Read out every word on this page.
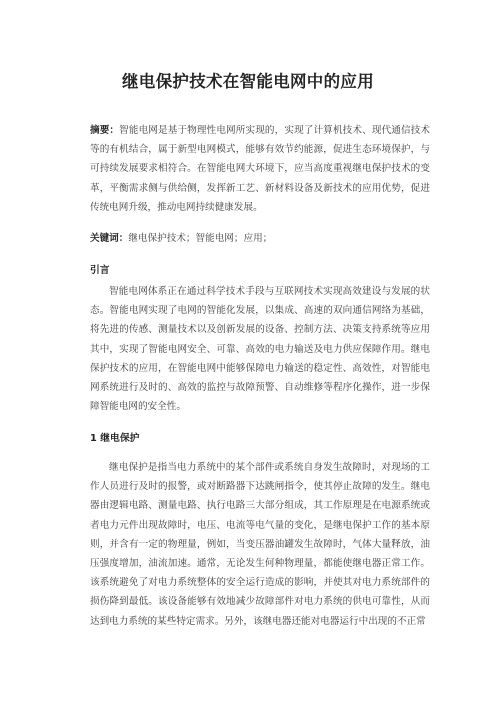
继电保护技术在智能电网中的应用
摘要：智能电网是基于物理性电网所实现的，实现了计算机技术、现代通信技术等的有机结合，属于新型电网模式，能够有效节约能源，促进生态环境保护，与可持续发展要求相符合。在智能电网大环境下，应当高度重视继电保护技术的变革，平衡需求侧与供给侧，发挥新工艺、新材料设备及新技术的应用优势，促进传统电网升级，推动电网持续健康发展。
关键词：继电保护技术；智能电网；应用；
引言
智能电网体系正在通过科学技术手段与互联网技术实现高效建设与发展的状态。智能电网实现了电网的智能化发展，以集成、高速的双向通信网络为基础，将先进的传感、测量技术以及创新发展的设备、控制方法、决策支持系统等应用其中，实现了智能电网安全、可靠、高效的电力输送及电力供应保障作用。继电保护技术的应用，在智能电网中能够保障电力输送的稳定性、高效性，对智能电网系统进行及时的、高效的监控与故障预警、自动维修等程序化操作，进一步保障智能电网的安全性。
1 继电保护
继电保护是指当电力系统中的某个部件或系统自身发生故障时，对现场的工作人员进行及时的报警，或对断路器下达跳闸指令，使其停止故障的发生。继电器由逻辑电路、测量电路、执行电路三大部分组成，其工作原理是在电源系统或者电力元件出现故障时，电压、电流等电气量的变化，是继电保护工作的基本原则，并含有一定的物理量，例如，当变压器油罐发生故障时，气体大量释放，油压强度增加，油流加速。通常，无论发生何种物理量，都能使继电器正常工作。该系统避免了对电力系统整体的安全运行造成的影响，并使其对电力系统部件的损伤降到最低。该设备能够有效地减少故障部件对电力系统的供电可靠性，从而达到电力系统的某些特定需求。另外，该继电器还能对电器运行中出现的不正常
